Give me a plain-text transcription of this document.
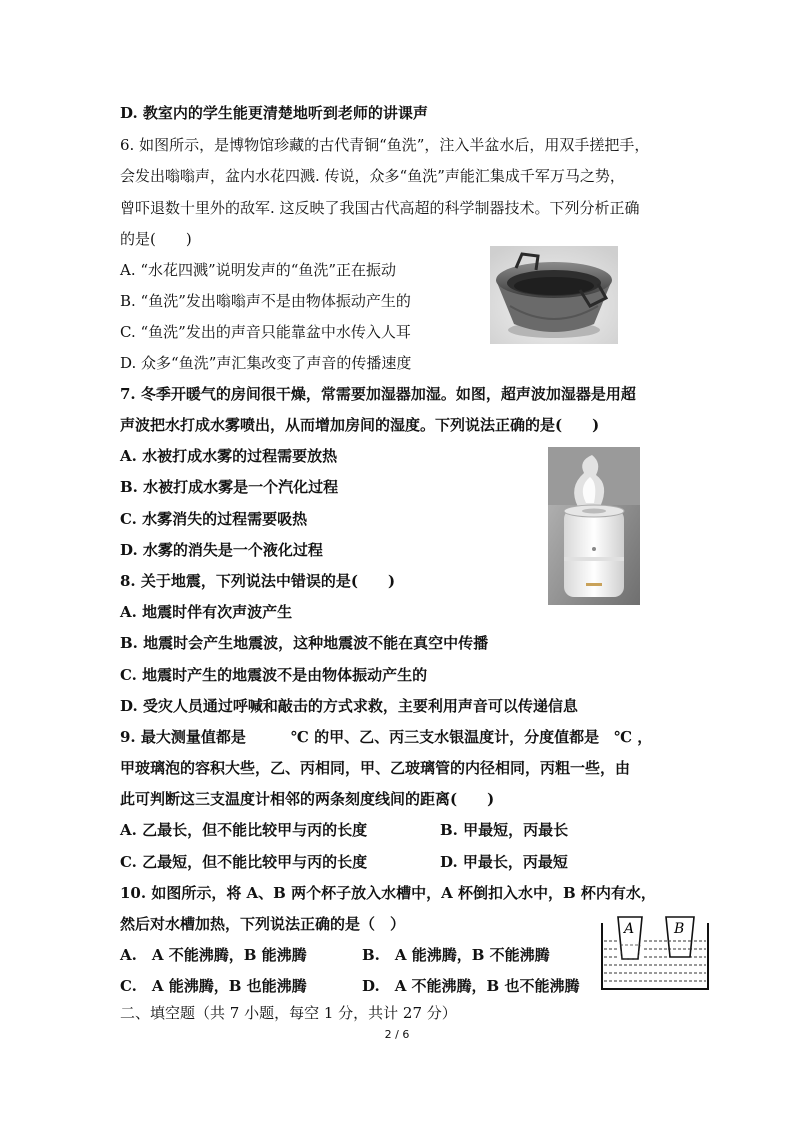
D. 教室内的学生能更清楚地听到老师的讲课声
6. 如图所示，是博物馆珍藏的古代青铜“鱼洗”，注入半盆水后，用双手搓把手，
会发出嗡嗡声，盆内水花四溅. 传说，众多“鱼洗”声能汇集成千军万马之势，
曾吓退数十里外的敌军. 这反映了我国古代高超的科学制器技术。下列分析正确
的是(　　)
A. “水花四溅”说明发声的“鱼洗”正在振动
B. “鱼洗”发出嗡嗡声不是由物体振动产生的
C. “鱼洗”发出的声音只能靠盆中水传入人耳
D. 众多“鱼洗”声汇集改变了声音的传播速度
7. 冬季开暖气的房间很干燥，常需要加湿器加湿。如图，超声波加湿器是用超
声波把水打成水雾喷出，从而增加房间的湿度。下列说法正确的是(　　)
A. 水被打成水雾的过程需要放热
B. 水被打成水雾是一个汽化过程
C. 水雾消失的过程需要吸热
D. 水雾的消失是一个液化过程
8. 关于地震，下列说法中错误的是(　　)
A. 地震时伴有次声波产生
B. 地震时会产生地震波，这种地震波不能在真空中传播
C. 地震时产生的地震波不是由物体振动产生的
D. 受灾人员通过呼喊和敲击的方式求救，主要利用声音可以传递信息
9. 最大测量值都是　　　℃ 的甲、乙、丙三支水银温度计，分度值都是　℃ ，
甲玻璃泡的容积大些，乙、丙相同，甲、乙玻璃管的内径相同，丙粗一些，由
此可判断这三支温度计相邻的两条刻度线间的距离(　　)
A. 乙最长，但不能比较甲与丙的长度	B. 甲最短，丙最长
C. 乙最短，但不能比较甲与丙的长度	D. 甲最长，丙最短
10. 如图所示，将 A、B 两个杯子放入水槽中，A 杯倒扣入水中，B 杯内有水，
然后对水槽加热，下列说法正确的是（　）
A.　A 不能沸腾，B 能沸腾	B.　A 能沸腾，B 不能沸腾
C.　A 能沸腾，B 也能沸腾	D.　A 不能沸腾，B 也不能沸腾
二、填空题（共 7 小题，每空 1 分，共计 27 分）
A	B
2 / 6
